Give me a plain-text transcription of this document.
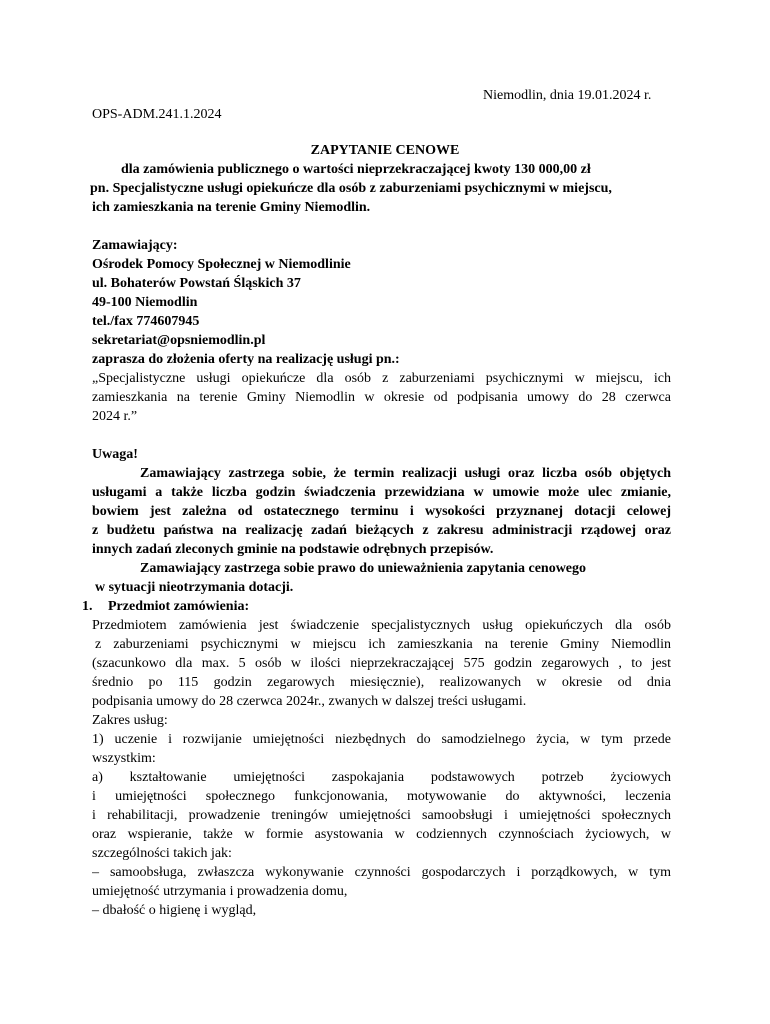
Niemodlin, dnia 19.01.2024 r.
OPS-ADM.241.1.2024
ZAPYTANIE CENOWE
dla zamówienia publicznego o wartości nieprzekraczającej kwoty 130 000,00 zł
pn. Specjalistyczne usługi opiekuńcze dla osób z zaburzeniami psychicznymi w miejscu,
ich zamieszkania na terenie Gminy Niemodlin.
Zamawiający:
Ośrodek Pomocy Społecznej w Niemodlinie
ul. Bohaterów Powstań Śląskich 37
49-100 Niemodlin
tel./fax 774607945
sekretariat@opsniemodlin.pl
zaprasza do złożenia oferty na realizację usługi pn.:
„Specjalistyczne usługi opiekuńcze dla osób z zaburzeniami psychicznymi w miejscu, ich
zamieszkania na terenie Gminy Niemodlin w okresie od podpisania umowy do 28 czerwca
2024 r.”
Uwaga!
Zamawiający zastrzega sobie, że termin realizacji usługi oraz liczba osób objętych
usługami a także liczba godzin świadczenia przewidziana w umowie może ulec zmianie,
bowiem jest zależna od ostatecznego terminu i wysokości przyznanej dotacji celowej
z budżetu państwa na realizację zadań bieżących z zakresu administracji rządowej oraz
innych zadań zleconych gminie na podstawie odrębnych przepisów.
Zamawiający zastrzega sobie prawo do unieważnienia zapytania cenowego
w sytuacji nieotrzymania dotacji.
1. Przedmiot zamówienia:
Przedmiotem zamówienia jest świadczenie specjalistycznych usług opiekuńczych dla osób
z zaburzeniami psychicznymi w miejscu ich zamieszkania na terenie Gminy Niemodlin
(szacunkowo dla max. 5 osób w ilości nieprzekraczającej 575 godzin zegarowych , to jest
średnio po 115 godzin zegarowych miesięcznie), realizowanych w okresie od dnia
podpisania umowy do 28 czerwca 2024r., zwanych w dalszej treści usługami.
Zakres usług:
1) uczenie i rozwijanie umiejętności niezbędnych do samodzielnego życia, w tym przede
wszystkim:
a) kształtowanie umiejętności zaspokajania podstawowych potrzeb życiowych
i umiejętności społecznego funkcjonowania, motywowanie do aktywności, leczenia
i rehabilitacji, prowadzenie treningów umiejętności samoobsługi i umiejętności społecznych
oraz wspieranie, także w formie asystowania w codziennych czynnościach życiowych, w
szczególności takich jak:
– samoobsługa, zwłaszcza wykonywanie czynności gospodarczych i porządkowych, w tym
umiejętność utrzymania i prowadzenia domu,
– dbałość o higienę i wygląd,
